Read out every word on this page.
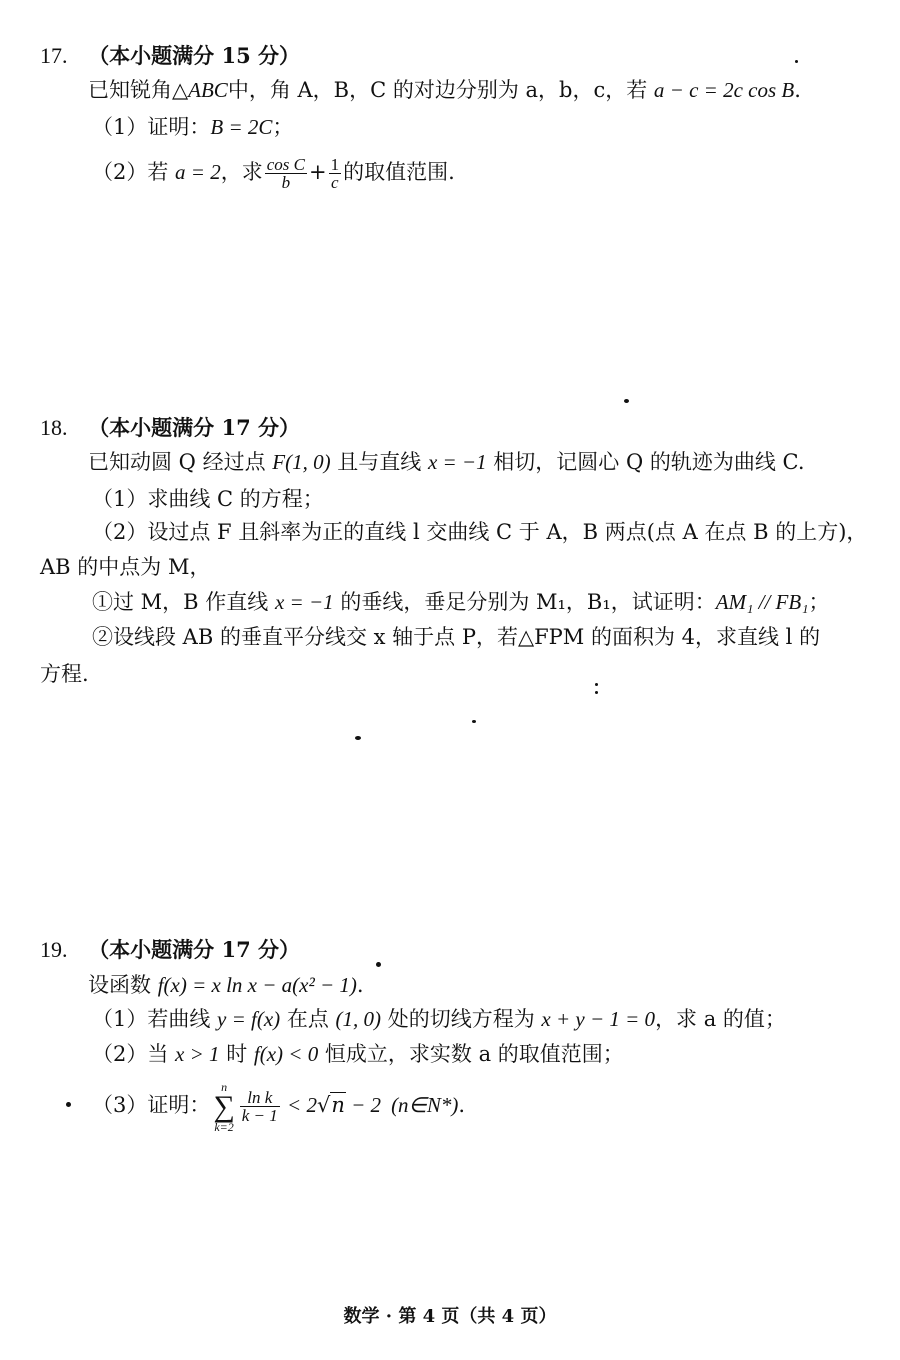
17. （本小题满分 15 分）
已知锐角△ABC中，角 A，B，C 的对边分别为 a，b，c，若 a − c = 2c cos B.
（1）证明：B = 2C；
（2）若 a = 2，求 $\frac{\text{cos C}}{b} + \frac{1}{c}$ 的取值范围.
18. （本小题满分 17 分）
已知动圆 Q 经过点 F(1, 0) 且与直线 x = −1 相切，记圆心 Q 的轨迹为曲线 C.
（1）求曲线 C 的方程；
（2）设过点 F 且斜率为正的直线 l 交曲线 C 于 A，B 两点(点 A 在点 B 的上方)，
AB 的中点为 M，
①过 M，B 作直线 x = −1 的垂线，垂足分别为 M₁，B₁，试证明：AM₁ // FB₁；
②设线段 AB 的垂直平分线交 x 轴于点 P，若△FPM 的面积为 4，求直线 l 的
方程.
19. （本小题满分 17 分）
设函数 f(x) = x ln x − a(x² − 1).
（1）若曲线 y = f(x) 在点 (1, 0) 处的切线方程为 x + y − 1 = 0，求 a 的值；
（2）当 x > 1 时 f(x) < 0 恒成立，求实数 a 的取值范围；
（3）证明：
n
∑
k=2
$\frac{\text{ln k}}{k - 1} < 2√n - 2$ (n∈N*).
数学 · 第 4 页（共 4 页）
